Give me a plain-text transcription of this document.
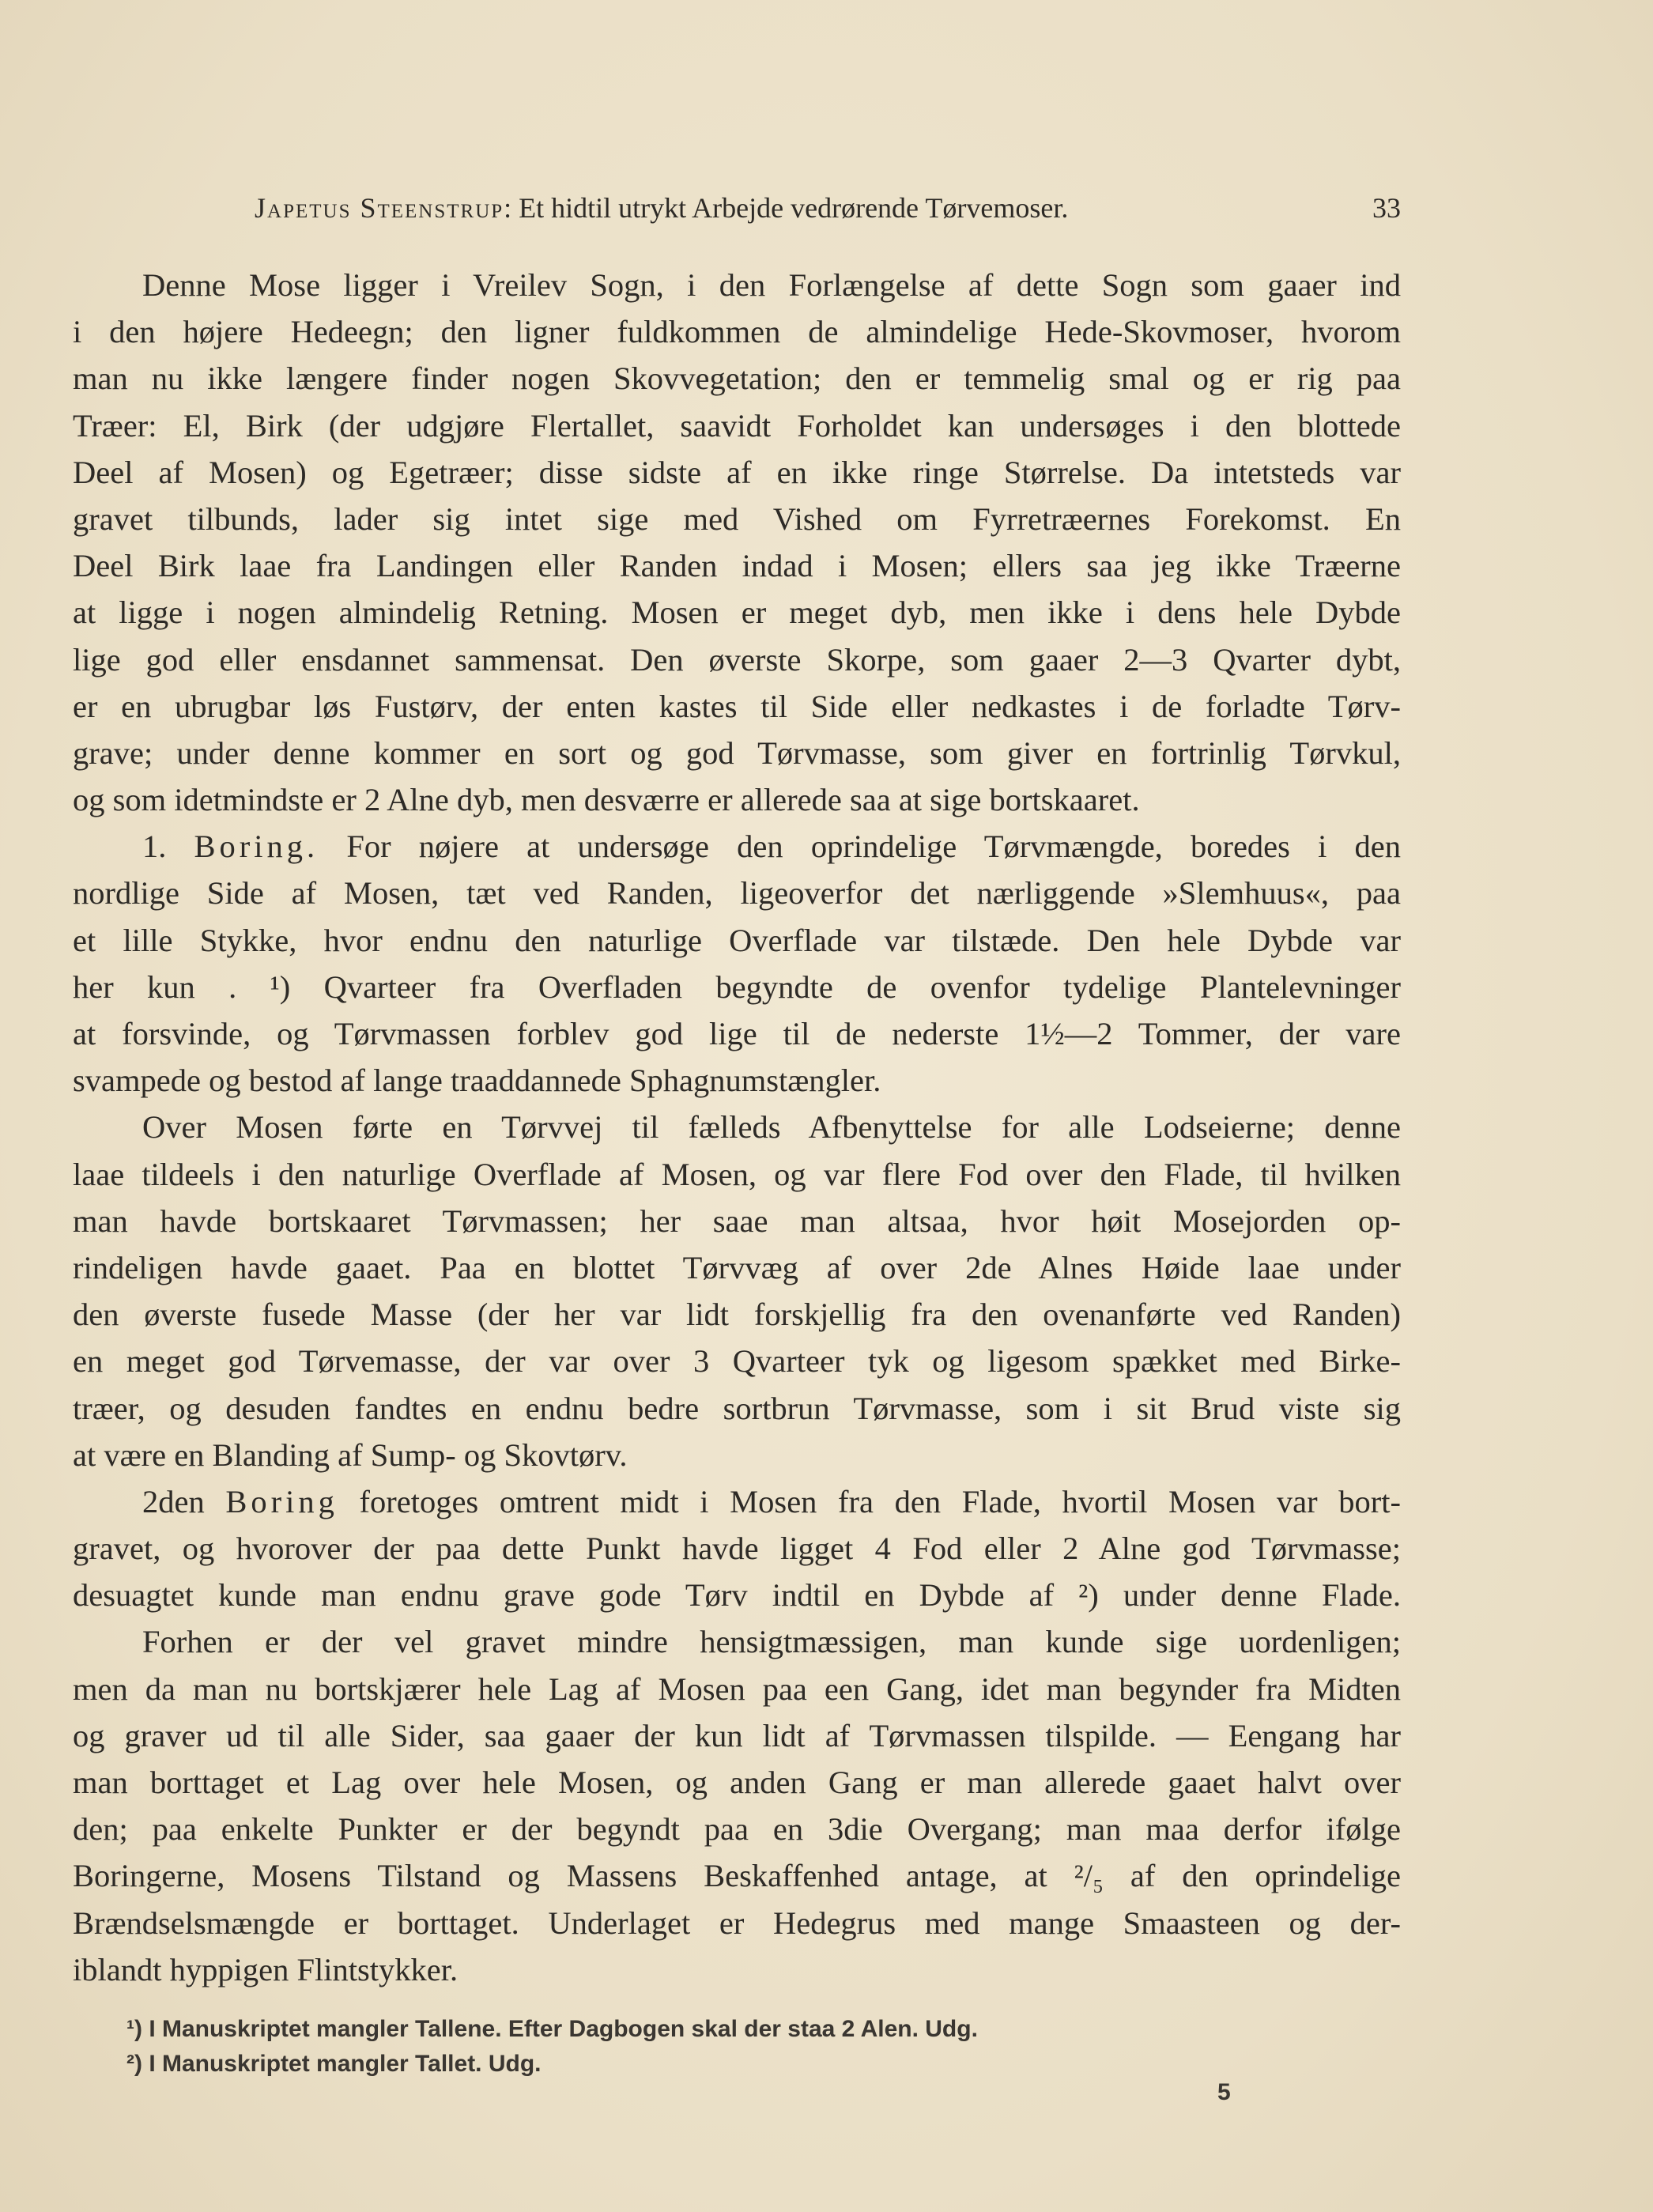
Japetus Steenstrup: Et hidtil utrykt Arbejde vedrørende Tørvemoser.	33
Denne Mose ligger i Vreilev Sogn, i den Forlængelse af dette Sogn som gaaer ind
i den højere Hedeegn; den ligner fuldkommen de almindelige Hede-Skovmoser, hvorom
man nu ikke længere finder nogen Skovvegetation; den er temmelig smal og er rig paa
Træer: El, Birk (der udgjøre Flertallet, saavidt Forholdet kan undersøges i den blottede
Deel af Mosen) og Egetræer; disse sidste af en ikke ringe Størrelse. Da intetsteds var
gravet tilbunds, lader sig intet sige med Vished om Fyrretræernes Forekomst. En
Deel Birk laae fra Landingen eller Randen indad i Mosen; ellers saa jeg ikke Træerne
at ligge i nogen almindelig Retning. Mosen er meget dyb, men ikke i dens hele Dybde
lige god eller ensdannet sammensat. Den øverste Skorpe, som gaaer 2—3 Qvarter dybt,
er en ubrugbar løs Fustørv, der enten kastes til Side eller nedkastes i de forladte Tørv-
grave; under denne kommer en sort og god Tørvmasse, som giver en fortrinlig Tørvkul,
og som idetmindste er 2 Alne dyb, men desværre er allerede saa at sige bortskaaret.
1. Boring. For nøjere at undersøge den oprindelige Tørvmængde, boredes i den
nordlige Side af Mosen, tæt ved Randen, ligeoverfor det nærliggende »Slemhuus«, paa
et lille Stykke, hvor endnu den naturlige Overflade var tilstæde. Den hele Dybde var
her kun . ¹) Qvarteer fra Overfladen begyndte de ovenfor tydelige Plantelevninger
at forsvinde, og Tørvmassen forblev god lige til de nederste 1½—2 Tommer, der vare
svampede og bestod af lange traaddannede Sphagnumstængler.
Over Mosen førte en Tørvvej til fælleds Afbenyttelse for alle Lodseierne; denne
laae tildeels i den naturlige Overflade af Mosen, og var flere Fod over den Flade, til hvilken
man havde bortskaaret Tørvmassen; her saae man altsaa, hvor høit Mosejorden op-
rindeligen havde gaaet. Paa en blottet Tørvvæg af over 2de Alnes Høide laae under
den øverste fusede Masse (der her var lidt forskjellig fra den ovenanførte ved Randen)
en meget god Tørvemasse, der var over 3 Qvarteer tyk og ligesom spækket med Birke-
træer, og desuden fandtes en endnu bedre sortbrun Tørvmasse, som i sit Brud viste sig
at være en Blanding af Sump- og Skovtørv.
2den Boring foretoges omtrent midt i Mosen fra den Flade, hvortil Mosen var bort-
gravet, og hvorover der paa dette Punkt havde ligget 4 Fod eller 2 Alne god Tørvmasse;
desuagtet kunde man endnu grave gode Tørv indtil en Dybde af ²) under denne Flade.
Forhen er der vel gravet mindre hensigtmæssigen, man kunde sige uordenligen;
men da man nu bortskjærer hele Lag af Mosen paa een Gang, idet man begynder fra Midten
og graver ud til alle Sider, saa gaaer der kun lidt af Tørvmassen tilspilde. — Eengang har
man borttaget et Lag over hele Mosen, og anden Gang er man allerede gaaet halvt over
den; paa enkelte Punkter er der begyndt paa en 3die Overgang; man maa derfor ifølge
Boringerne, Mosens Tilstand og Massens Beskaffenhed antage, at ²/₅ af den oprindelige
Brændselsmængde er borttaget. Underlaget er Hedegrus med mange Smaasteen og der-
iblandt hyppigen Flintstykker.
¹) I Manuskriptet mangler Tallene. Efter Dagbogen skal der staa 2 Alen. Udg.
²) I Manuskriptet mangler Tallet. Udg.
5
